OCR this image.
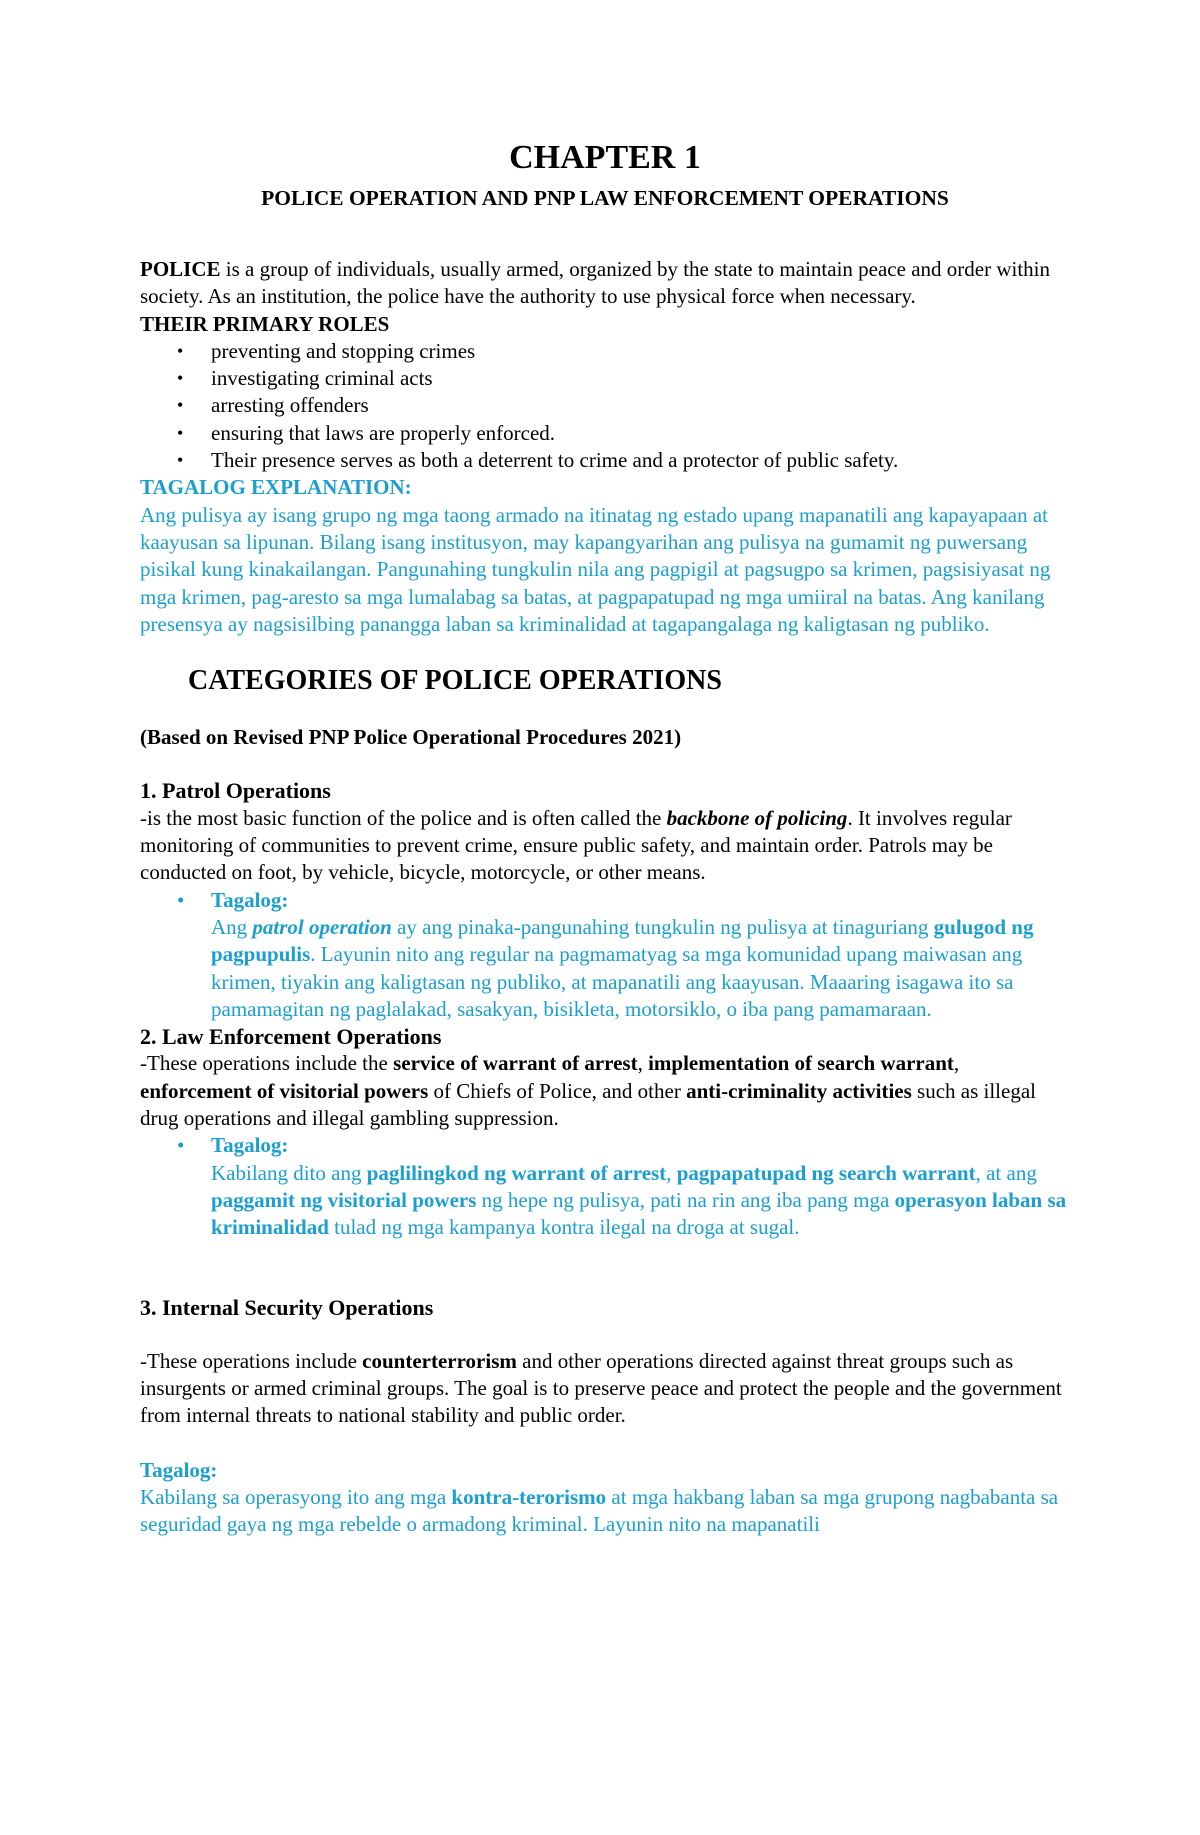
CHAPTER 1

POLICE OPERATION AND PNP LAW ENFORCEMENT OPERATIONS

POLICE is a group of individuals, usually armed, organized by the state to maintain peace and order within society. As an institution, the police have the authority to use physical force when necessary.

THEIR PRIMARY ROLES

• preventing and stopping crimes
• investigating criminal acts
• arresting offenders
• ensuring that laws are properly enforced.
• Their presence serves as both a deterrent to crime and a protector of public safety.

TAGALOG EXPLANATION:

Ang pulisya ay isang grupo ng mga taong armado na itinatag ng estado upang mapanatili ang kapayapaan at kaayusan sa lipunan. Bilang isang institusyon, may kapangyarihan ang pulisya na gumamit ng puwersang pisikal kung kinakailangan. Pangunahing tungkulin nila ang pagpigil at pagsugpo sa krimen, pagsisiyasat ng mga krimen, pag-aresto sa mga lumalabag sa batas, at pagpapatupad ng mga umiiral na batas. Ang kanilang presensya ay nagsisilbing panangga laban sa kriminalidad at tagapangalaga ng kaligtasan ng publiko.

CATEGORIES OF POLICE OPERATIONS

(Based on Revised PNP Police Operational Procedures 2021)

1. Patrol Operations

-is the most basic function of the police and is often called the backbone of policing. It involves regular monitoring of communities to prevent crime, ensure public safety, and maintain order. Patrols may be conducted on foot, by vehicle, bicycle, motorcycle, or other means.

• Tagalog:

Ang patrol operation ay ang pinaka-pangunahing tungkulin ng pulisya at tinaguriang gulugod ng pagpupulis. Layunin nito ang regular na pagmamatyag sa mga komunidad upang maiwasan ang krimen, tiyakin ang kaligtasan ng publiko, at mapanatili ang kaayusan. Maaaring isagawa ito sa pamamagitan ng paglalakad, sasakyan, bisikleta, motorsiklo, o iba pang pamamaraan.

2. Law Enforcement Operations

-These operations include the service of warrant of arrest, implementation of search warrant, enforcement of visitorial powers of Chiefs of Police, and other anti-criminality activities such as illegal drug operations and illegal gambling suppression.

• Tagalog:

Kabilang dito ang paglilingkod ng warrant of arrest, pagpapatupad ng search warrant, at ang paggamit ng visitorial powers ng hepe ng pulisya, pati na rin ang iba pang mga operasyon laban sa kriminalidad tulad ng mga kampanya kontra ilegal na droga at sugal.

3. Internal Security Operations

-These operations include counterterrorism and other operations directed against threat groups such as insurgents or armed criminal groups. The goal is to preserve peace and protect the people and the government from internal threats to national stability and public order.

Tagalog:

Kabilang sa operasyong ito ang mga kontra-terorismo at mga hakbang laban sa mga grupong nagbabanta sa seguridad gaya ng mga rebelde o armadong kriminal. Layunin nito na mapanatili
